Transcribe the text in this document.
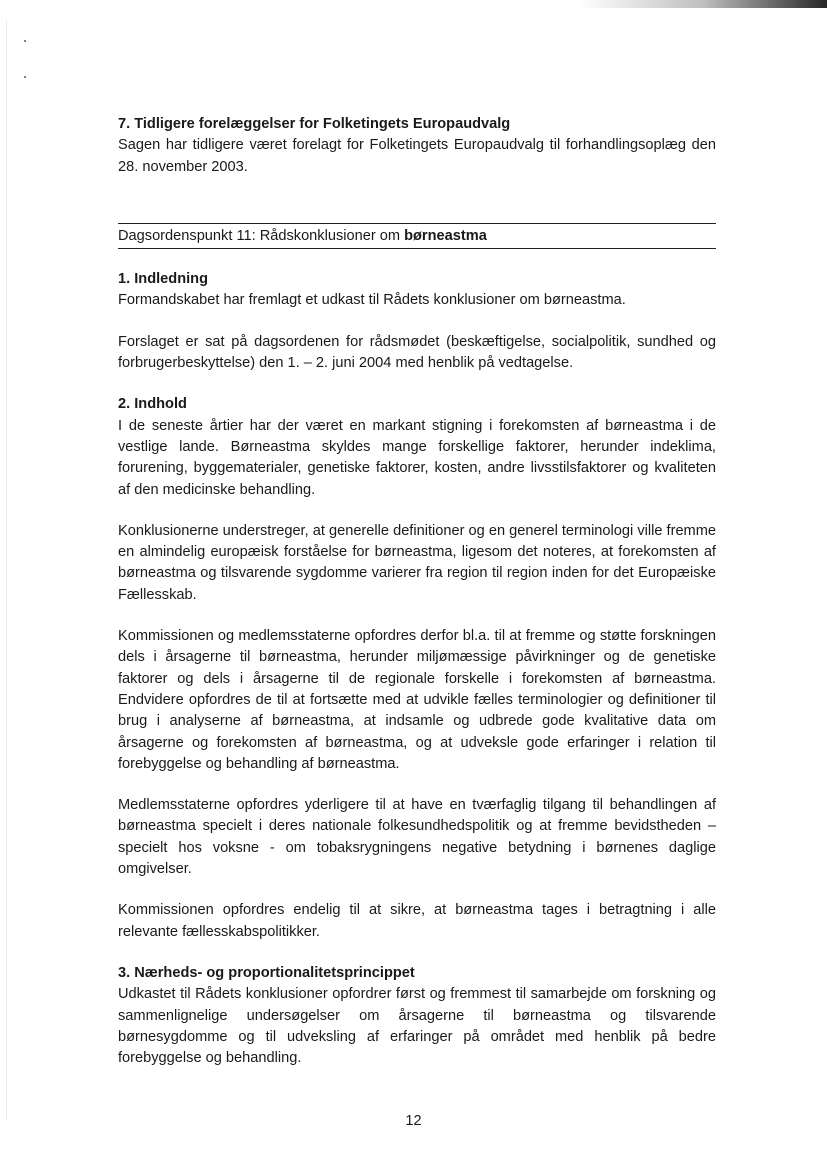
7. Tidligere forelæggelser for Folketingets Europaudvalg

Sagen har tidligere været forelagt for Folketingets Europaudvalg til forhandlingsoplæg den 28. november 2003.

Dagsordenspunkt 11: Rådskonklusioner om børneastma

1. Indledning

Formandskabet har fremlagt et udkast til Rådets konklusioner om børneastma.

Forslaget er sat på dagsordenen for rådsmødet (beskæftigelse, socialpolitik, sundhed og forbrugerbeskyttelse) den 1. – 2. juni 2004 med henblik på vedtagelse.

2. Indhold

I de seneste årtier har der været en markant stigning i forekomsten af børneastma i de vestlige lande. Børneastma skyldes mange forskellige faktorer, herunder indeklima, forurening, byggematerialer, genetiske faktorer, kosten, andre livsstilsfaktorer og kvaliteten af den medicinske behandling.

Konklusionerne understreger, at generelle definitioner og en generel terminologi ville fremme en almindelig europæisk forståelse for børneastma, ligesom det noteres, at forekomsten af børneastma og tilsvarende sygdomme varierer fra region til region inden for det Europæiske Fællesskab.

Kommissionen og medlemsstaterne opfordres derfor bl.a. til at fremme og støtte forskningen dels i årsagerne til børneastma, herunder miljømæssige påvirkninger og de genetiske faktorer og dels i årsagerne til de regionale forskelle i forekomsten af børneastma. Endvidere opfordres de til at fortsætte med at udvikle fælles terminologier og definitioner til brug i analyserne af børneastma, at indsamle og udbrede gode kvalitative data om årsagerne og forekomsten af børneastma, og at udveksle gode erfaringer i relation til forebyggelse og behandling af børneastma.

Medlemsstaterne opfordres yderligere til at have en tværfaglig tilgang til behandlingen af børneastma specielt i deres nationale folkesundhedspolitik og at fremme bevidstheden – specielt hos voksne - om tobaksrygningens negative betydning i børnenes daglige omgivelser.

Kommissionen opfordres endelig til at sikre, at børneastma tages i betragtning i alle relevante fællesskabspolitikker.

3. Nærheds- og proportionalitetsprincippet

Udkastet til Rådets konklusioner opfordrer først og fremmest til samarbejde om forskning og sammenlignelige undersøgelser om årsagerne til børneastma og tilsvarende børnesygdomme og til udveksling af erfaringer på området med henblik på bedre forebyggelse og behandling.

12
